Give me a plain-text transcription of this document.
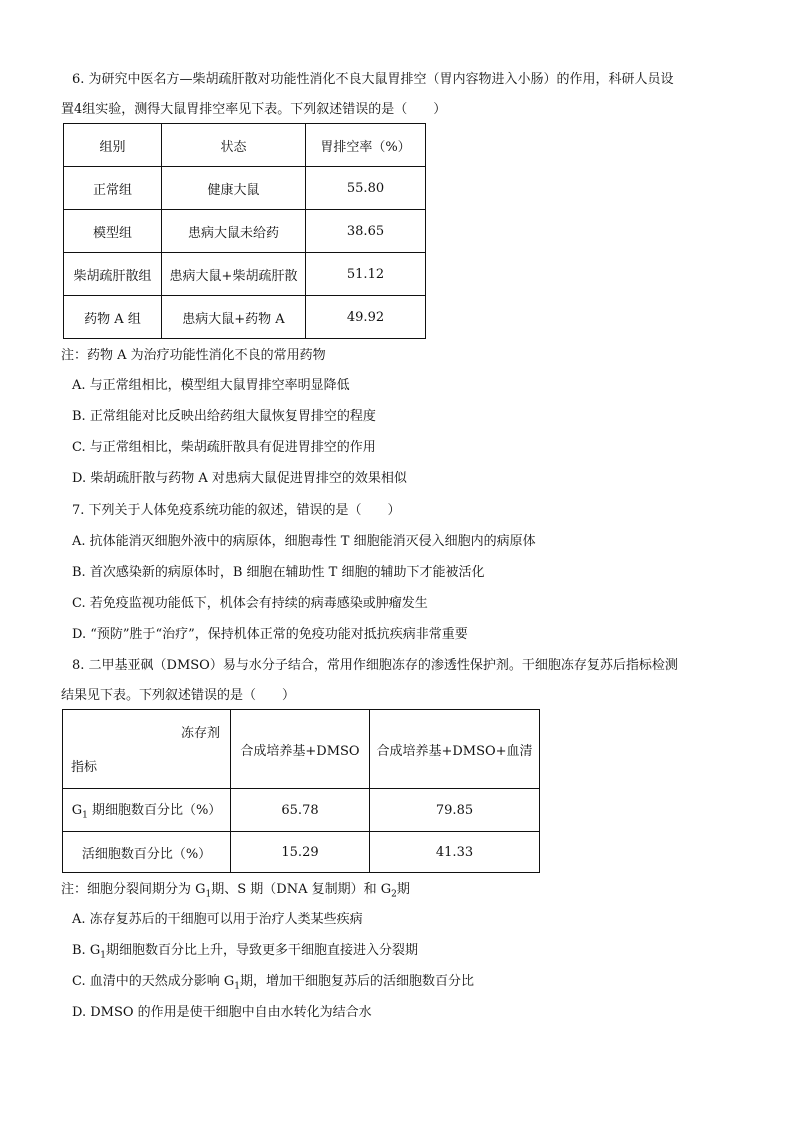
6. 为研究中医名方—柴胡疏肝散对功能性消化不良大鼠胃排空（胃内容物进入小肠）的作用，科研人员设
置4组实验，测得大鼠胃排空率见下表。下列叙述错误的是（　　）
组别	状态	胃排空率（%）
正常组	健康大鼠	55.80
模型组	患病大鼠未给药	38.65
柴胡疏肝散组	患病大鼠+柴胡疏肝散	51.12
药物 A 组	患病大鼠+药物 A	49.92
注：药物 A 为治疗功能性消化不良的常用药物
A. 与正常组相比，模型组大鼠胃排空率明显降低
B. 正常组能对比反映出给药组大鼠恢复胃排空的程度
C. 与正常组相比，柴胡疏肝散具有促进胃排空的作用
D. 柴胡疏肝散与药物 A 对患病大鼠促进胃排空的效果相似
7. 下列关于人体免疫系统功能的叙述，错误的是（　　）
A. 抗体能消灭细胞外液中的病原体，细胞毒性 T 细胞能消灭侵入细胞内的病原体
B. 首次感染新的病原体时，B 细胞在辅助性 T 细胞的辅助下才能被活化
C. 若免疫监视功能低下，机体会有持续的病毒感染或肿瘤发生
D. “预防”胜于“治疗”，保持机体正常的免疫功能对抵抗疾病非常重要
8. 二甲基亚砜（DMSO）易与水分子结合，常用作细胞冻存的渗透性保护剂。干细胞冻存复苏后指标检测
结果见下表。下列叙述错误的是（　　）
冻存剂
指标	合成培养基+DMSO	合成培养基+DMSO+血清
$G_1$ 期细胞数百分比（%）	65.78	79.85
活细胞数百分比（%）	15.29	41.33
注：细胞分裂间期分为 $G_1$期、S 期（DNA 复制期）和 $G_2$期
A. 冻存复苏后的干细胞可以用于治疗人类某些疾病
B. $G_1$期细胞数百分比上升，导致更多干细胞直接进入分裂期
C. 血清中的天然成分影响 $G_1$期，增加干细胞复苏后的活细胞数百分比
D. DMSO 的作用是使干细胞中自由水转化为结合水
